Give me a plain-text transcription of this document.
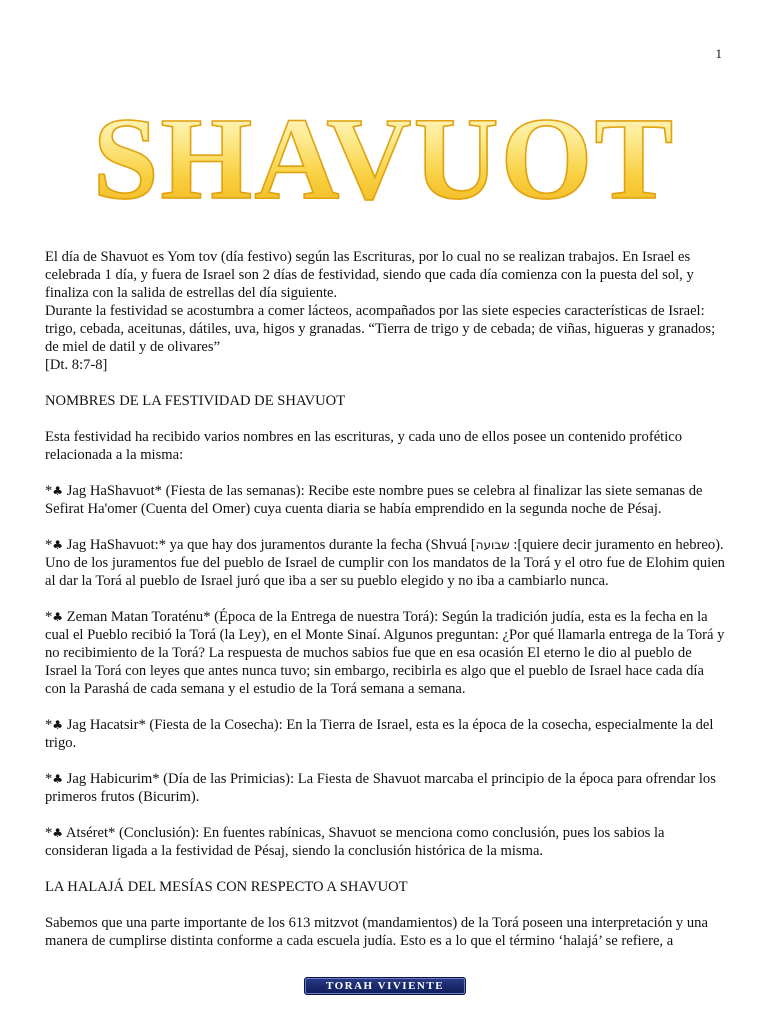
1
SHAVUOT

El día de Shavuot es Yom tov (día festivo) según las Escrituras, por lo cual no se realizan trabajos. En Israel es celebrada 1 día, y fuera de Israel son 2 días de festividad, siendo que cada día comienza con la puesta del sol, y finaliza con la salida de estrellas del día siguiente.

Durante la festividad se acostumbra a comer lácteos, acompañados por las siete especies características de Israel: trigo, cebada, aceitunas, dátiles, uva, higos y granadas. “Tierra de trigo y de cebada; de viñas, higueras y granados; de miel de datil y de olivares”

[Dt. 8:7-8]

NOMBRES DE LA FESTIVIDAD DE SHAVUOT

Esta festividad ha recibido varios nombres en las escrituras, y cada uno de ellos posee un contenido profético relacionada a la misma:

*♣ Jag HaShavuot* (Fiesta de las semanas): Recibe este nombre pues se celebra al finalizar las siete semanas de Sefirat Ha'omer (Cuenta del Omer) cuya cuenta diaria se había emprendido en la segunda noche de Pésaj.

*♣ Jag HaShavuot:* ya que hay dos juramentos durante la fecha (Shvuá [שבועה :[quiere decir juramento en hebreo). Uno de los juramentos fue del pueblo de Israel de cumplir con los mandatos de la Torá y el otro fue de Elohim quien al dar la Torá al pueblo de Israel juró que iba a ser su pueblo elegido y no iba a cambiarlo nunca.

*♣ Zeman Matan Toraténu* (Época de la Entrega de nuestra Torá): Según la tradición judía, esta es la fecha en la cual el Pueblo recibió la Torá (la Ley), en el Monte Sinaí. Algunos preguntan: ¿Por qué llamarla entrega de la Torá y no recibimiento de la Torá? La respuesta de muchos sabios fue que en esa ocasión El eterno le dio al pueblo de Israel la Torá con leyes que antes nunca tuvo; sin embargo, recibirla es algo que el pueblo de Israel hace cada día con la Parashá de cada semana y el estudio de la Torá semana a semana.

*♣ Jag Hacatsir* (Fiesta de la Cosecha): En la Tierra de Israel, esta es la época de la cosecha, especialmente la del trigo.

*♣ Jag Habicurim* (Día de las Primicias): La Fiesta de Shavuot marcaba el principio de la época para ofrendar los primeros frutos (Bicurim).

*♣ Atséret* (Conclusión): En fuentes rabínicas, Shavuot se menciona como conclusión, pues los sabios la consideran ligada a la festividad de Pésaj, siendo la conclusión histórica de la misma.

LA HALAJÁ DEL MESÍAS CON RESPECTO A SHAVUOT

Sabemos que una parte importante de los 613 mitzvot (mandamientos) de la Torá poseen una interpretación y una manera de cumplirse distinta conforme a cada escuela judía. Esto es a lo que el término ‘halajá’ se refiere, a

TORAH VIVIENTE
